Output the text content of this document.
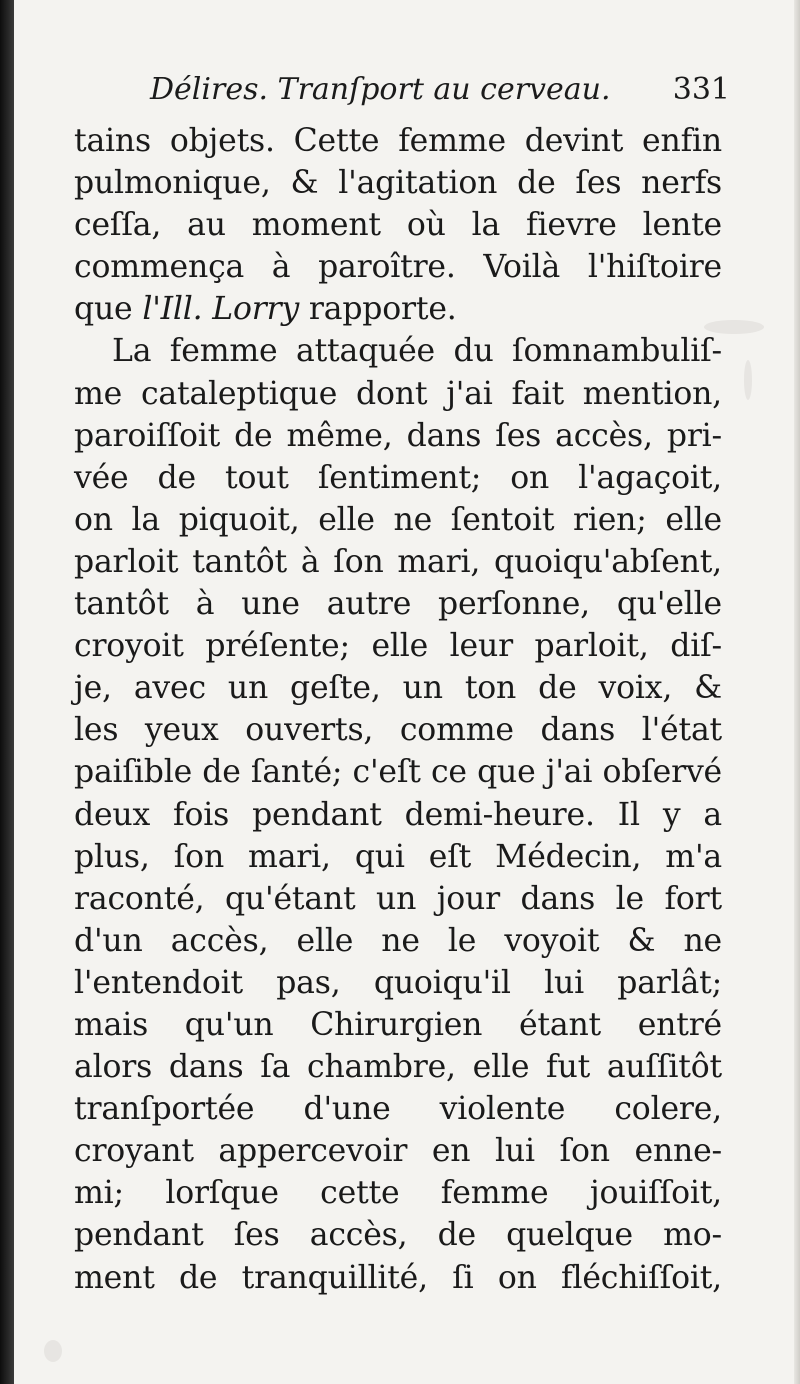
Délires. Tranſport au cerveau. 331
tains objets. Cette femme devint enfin
pulmonique, & l'agitation de ſes nerfs
ceſſa, au moment où la fievre lente
commença à paroître. Voilà l'hiſtoire
que l'Ill. Lorry rapporte.
La femme attaquée du ſomnambuliſ-
me cataleptique dont j'ai fait mention,
paroiſſoit de même, dans ſes accès, pri-
vée de tout ſentiment; on l'agaçoit,
on la piquoit, elle ne ſentoit rien; elle
parloit tantôt à ſon mari, quoiqu'abſent,
tantôt à une autre perſonne, qu'elle
croyoit préſente; elle leur parloit, diſ-
je, avec un geſte, un ton de voix, &
les yeux ouverts, comme dans l'état
paiſible de ſanté; c'eſt ce que j'ai obſervé
deux fois pendant demi-heure. Il y a
plus, ſon mari, qui eſt Médecin, m'a
raconté, qu'étant un jour dans le fort
d'un accès, elle ne le voyoit & ne
l'entendoit pas, quoiqu'il lui parlât;
mais qu'un Chirurgien étant entré
alors dans ſa chambre, elle fut auſſitôt
tranſportée d'une violente colere,
croyant appercevoir en lui ſon enne-
mi; lorſque cette femme jouiſſoit,
pendant ſes accès, de quelque mo-
ment de tranquillité, ſi on fléchiſſoit,
